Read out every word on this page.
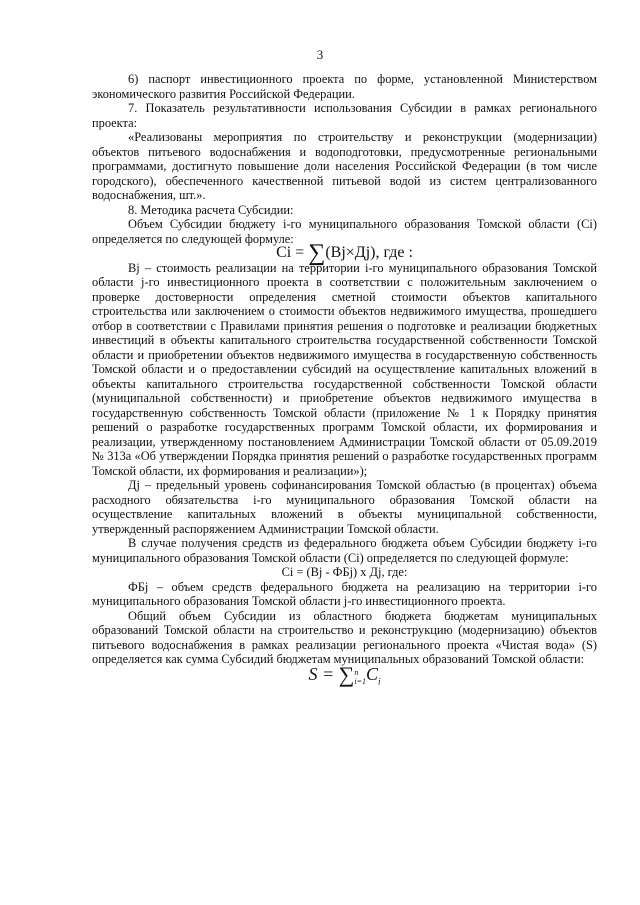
3

6) паспорт инвестиционного проекта по форме, установленной Министерством экономического развития Российской Федерации.

7. Показатель результативности использования Субсидии в рамках регионального проекта:

«Реализованы мероприятия по строительству и реконструкции (модернизации) объектов питьевого водоснабжения и водоподготовки, предусмотренные региональными программами, достигнуто повышение доли населения Российской Федерации (в том числе городского), обеспеченного качественной питьевой водой из систем централизованного водоснабжения, шт.».

8. Методика расчета Субсидии:

Объем Субсидии бюджету i-го муниципального образования Томской области (Сi) определяется по следующей формуле:

Ci = ∑(Bj×Дj), где :

Bj – стоимость реализации на территории i-го муниципального образования Томской области j-го инвестиционного проекта в соответствии с положительным заключением о проверке достоверности определения сметной стоимости объектов капитального строительства или заключением о стоимости объектов недвижимого имущества, прошедшего отбор в соответствии с Правилами принятия решения о подготовке и реализации бюджетных инвестиций в объекты капитального строительства государственной собственности Томской области и приобретении объектов недвижимого имущества в государственную собственность Томской области и о предоставлении субсидий на осуществление капитальных вложений в объекты капитального строительства государственной собственности Томской области (муниципальной собственности) и приобретение объектов недвижимого имущества в государственную собственность Томской области (приложение № 1 к Порядку принятия решений о разработке государственных программ Томской области, их формирования и реализации, утвержденному постановлением Администрации Томской области от 05.09.2019 № 313а «Об утверждении Порядка принятия решений о разработке государственных программ Томской области, их формирования и реализации»);

Дj – предельный уровень софинансирования Томской областью (в процентах) объема расходного обязательства i-го муниципального образования Томской области на осуществление капитальных вложений в объекты муниципальной собственности, утвержденный распоряжением Администрации Томской области.

В случае получения средств из федерального бюджета объем Субсидии бюджету i-го муниципального образования Томской области (Сi) определяется по следующей формуле:

Сi = (Bj - ФБj) х Дj, где:

ФБj – объем средств федерального бюджета на реализацию на территории i-го муниципального образования Томской области j-го инвестиционного проекта.

Общий объем Субсидии из областного бюджета бюджетам муниципальных образований Томской области на строительство и реконструкцию (модернизацию) объектов питьевого водоснабжения в рамках реализации регионального проекта «Чистая вода» (S) определяется как сумма Субсидий бюджетам муниципальных образований Томской области:

S = ∑n
$i=1C_i$
